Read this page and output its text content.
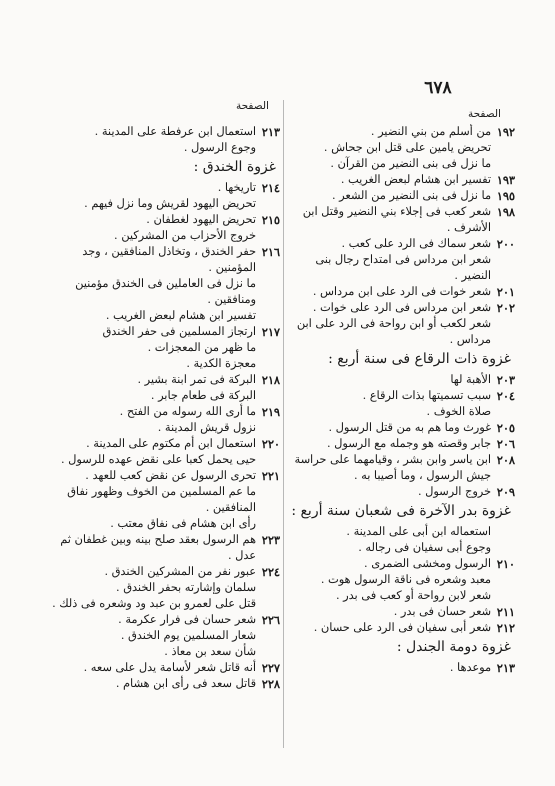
٦٧٨
الصفحة
الصفحة
١٩٢
من أسلم من بني النضير .
تحريض يامين على قتل ابن جحاش .
ما نزل فى بنى النضير من القرآن .
١٩٣
تفسير ابن هشام لبعض الغريب .
١٩٥
ما نزل فى بنى النضير من الشعر .
١٩٨
شعر كعب فى إجلاء بني النضير وقتل ابن الأشرف .
٢٠٠
شعر سماك فى الرد على كعب .
شعر ابن مرداس فى امتداح رجال بنى النضير .
٢٠١
شعر خوات فى الرد على ابن مرداس .
٢٠٢
شعر ابن مرداس فى الرد على خوات .
شعر لكعب أو ابن رواحة فى الرد على ابن مرداس .
غزوة ذات الرقاع فى سنة أربع :
٢٠٣
الأهبة لها
٢٠٤
سبب تسميتها بذات الرقاع .
صلاة الخوف .
٢٠٥
غورث وما هم به من قتل الرسول .
٢٠٦
جابر وقصته هو وجمله مع الرسول .
٢٠٨
ابن ياسر وابن بشر ، وقيامهما على حراسة جيش الرسول ، وما أصيبا به .
٢٠٩
خروج الرسول .
غزوة بدر الآخرة فى شعبان سنة أربع :
استعماله ابن أبى على المدينة .
وجوع أبى سفيان فى رجاله .
٢١٠
الرسول ومخشى الضمرى .
معبد وشعره فى ناقة الرسول هوت .
شعر لابن رواحة أو كعب فى بدر .
٢١١
شعر حسان فى بدر .
٢١٢
شعر أبى سفيان فى الرد على حسان .
غزوة دومة الجندل :
٢١٣
موعدها .
٢١٣
استعمال ابن عرفطة على المدينة .
وجوع الرسول .
غزوة الخندق :
٢١٤
تاريخها .
تحريض اليهود لقريش وما نزل فيهم .
٢١٥
تحريض اليهود لغطفان .
خروج الأحزاب من المشركين .
٢١٦
حفر الخندق ، وتخاذل المنافقين ، وجد المؤمنين .
ما نزل فى العاملين فى الخندق مؤمنين ومنافقين .
تفسير ابن هشام لبعض الغريب .
٢١٧
ارتجاز المسلمين فى حفر الخندق
ما ظهر من المعجزات .
معجزة الكدية .
٢١٨
البركة فى تمر ابنة بشير .
البركة فى طعام جابر .
٢١٩
ما أرى الله رسوله من الفتح .
نزول قريش المدينة .
٢٢٠
استعمال ابن أم مكتوم على المدينة .
حيى يحمل كعبا على نقض عهده للرسول .
٢٢١
تحرى الرسول عن نقض كعب للعهد .
ما عم المسلمين من الخوف وظهور نفاق المنافقين .
رأى ابن هشام فى نفاق معتب .
٢٢٣
هم الرسول بعقد صلح بينه وبين غطفان ثم عدل .
٢٢٤
عبور نفر من المشركين الخندق .
سلمان وإشارته بحفر الخندق .
قتل على لعمرو بن عبد ود وشعره فى ذلك .
٢٢٦
شعر حسان فى فرار عكرمة .
شعار المسلمين يوم الخندق .
شأن سعد بن معاذ .
٢٢٧
أنه قاتل شعر لأسامة يدل على سعه .
٢٢٨
قاتل سعد فى رأى ابن هشام .
